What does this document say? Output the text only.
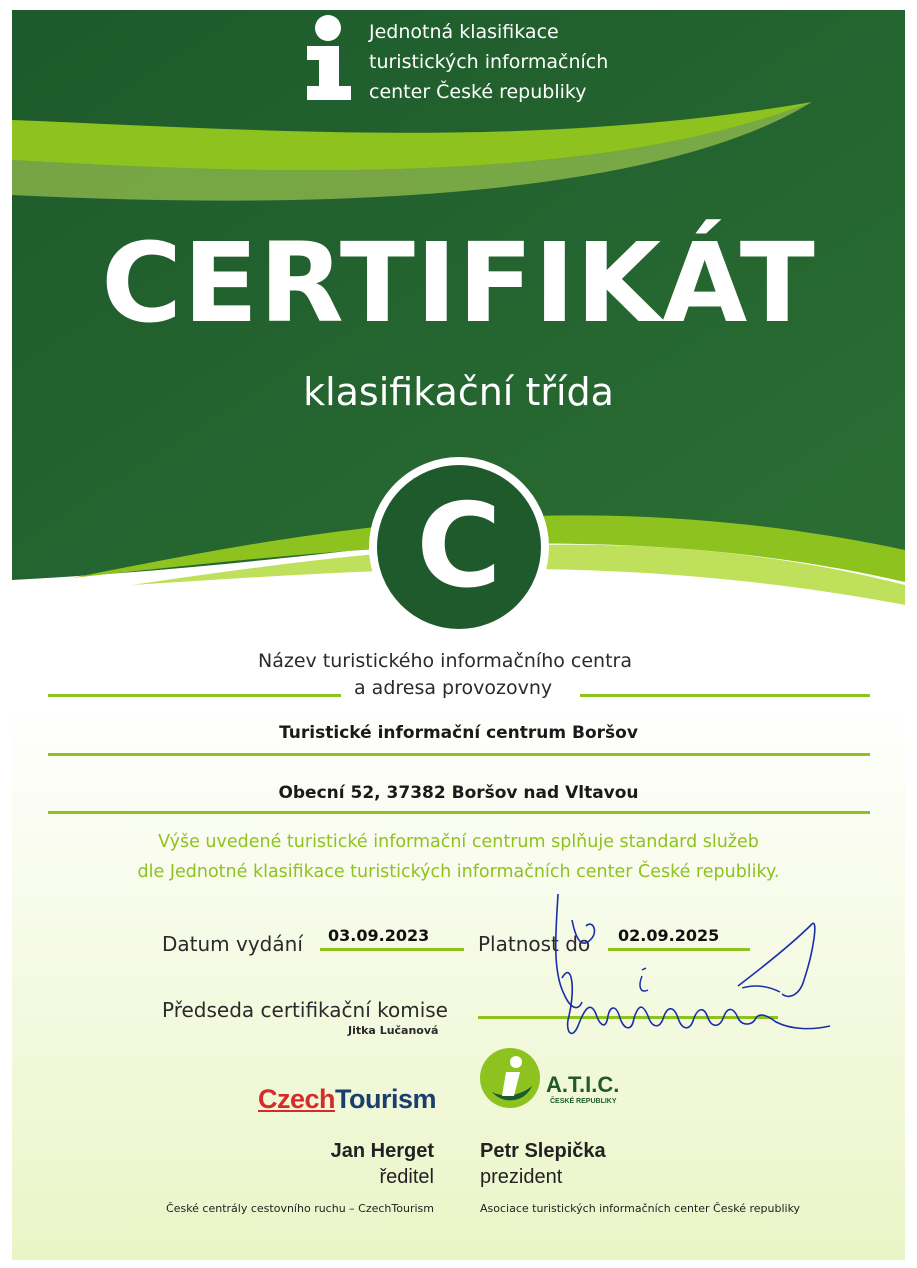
Jednotná klasifikace
turistických informačních
center České republiky
CERTIFIKÁT
klasifikační třída
C
Název turistického informačního centra
a adresa provozovny
Turistické informační centrum Boršov
Obecní 52, 37382 Boršov nad Vltavou
Výše uvedené turistické informační centrum splňuje standard služeb
dle Jednotné klasifikace turistických informačních center České republiky.
Datum vydání 03.09.2023 Platnost do 02.09.2025
Předseda certifikační komise
Jitka Lučanová
CzechTourism	A.T.I.C.
ČESKÉ REPUBLIKY
Jan Herget
ředitel
České centrály cestovního ruchu – CzechTourism
Petr Slepička
prezident
Asociace turistických informačních center České republiky
